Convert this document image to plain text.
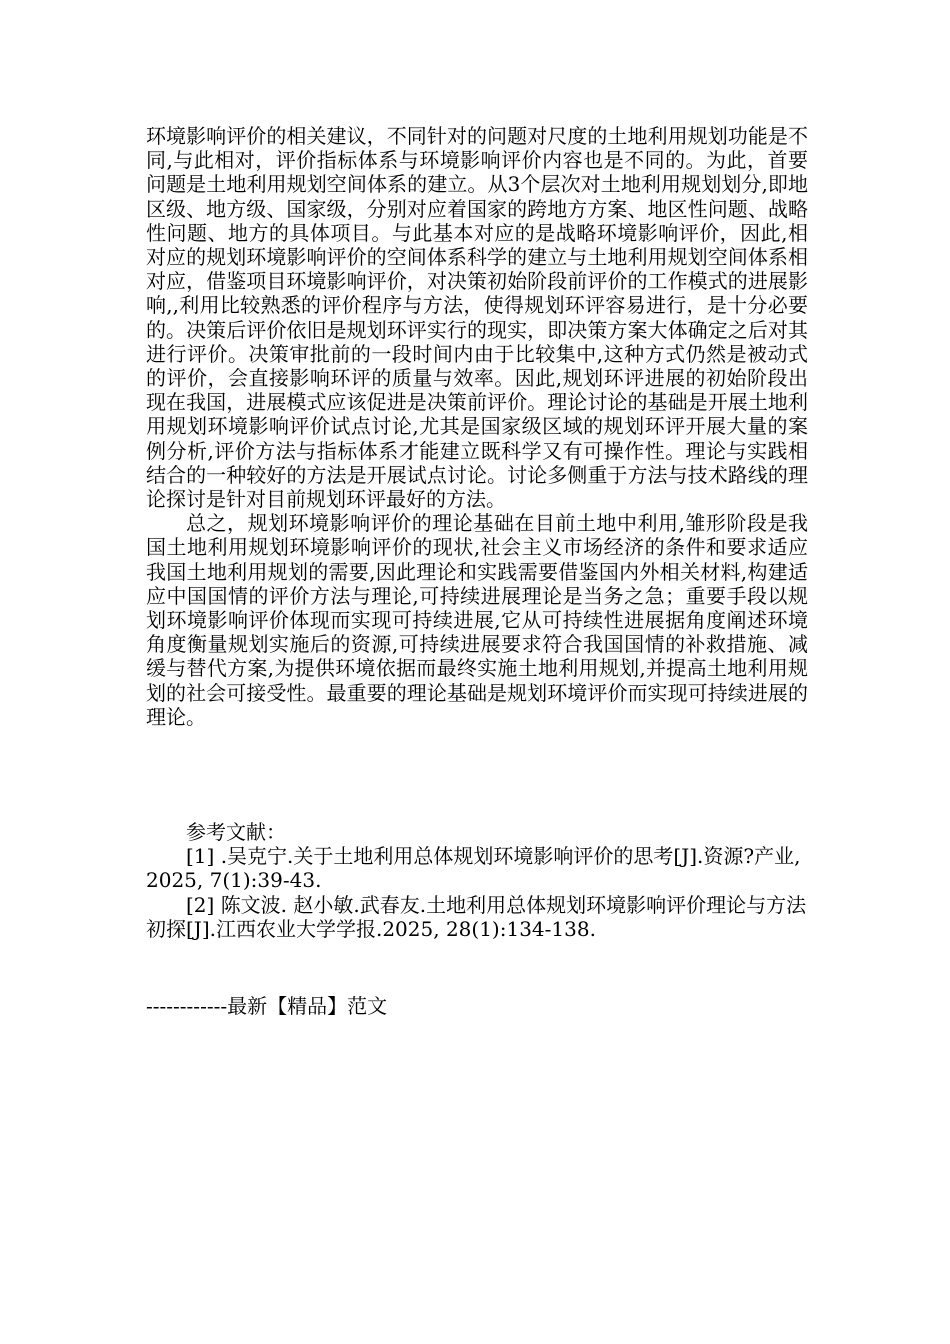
环境影响评价的相关建议，不同针对的问题对尺度的土地利用规划功能是不同,与此相对，评价指标体系与环境影响评价内容也是不同的。为此，首要问题是土地利用规划空间体系的建立。从3个层次对土地利用规划划分,即地区级、地方级、国家级，分别对应着国家的跨地方方案、地区性问题、战略性问题、地方的具体项目。与此基本对应的是战略环境影响评价，因此,相对应的规划环境影响评价的空间体系科学的建立与土地利用规划空间体系相对应，借鉴项目环境影响评价，对决策初始阶段前评价的工作模式的进展影响,,利用比较熟悉的评价程序与方法，使得规划环评容易进行，是十分必要的。决策后评价依旧是规划环评实行的现实，即决策方案大体确定之后对其进行评价。决策审批前的一段时间内由于比较集中,这种方式仍然是被动式的评价，会直接影响环评的质量与效率。因此,规划环评进展的初始阶段出现在我国，进展模式应该促进是决策前评价。理论讨论的基础是开展土地利用规划环境影响评价试点讨论,尤其是国家级区域的规划环评开展大量的案例分析,评价方法与指标体系才能建立既科学又有可操作性。理论与实践相结合的一种较好的方法是开展试点讨论。讨论多侧重于方法与技术路线的理论探讨是针对目前规划环评最好的方法。

总之，规划环境影响评价的理论基础在目前土地中利用,雏形阶段是我国土地利用规划环境影响评价的现状,社会主义市场经济的条件和要求适应我国土地利用规划的需要,因此理论和实践需要借鉴国内外相关材料,构建适应中国国情的评价方法与理论,可持续进展理论是当务之急；重要手段以规划环境影响评价体现而实现可持续进展,它从可持续性进展据角度阐述环境角度衡量规划实施后的资源,可持续进展要求符合我国国情的补救措施、减缓与替代方案,为提供环境依据而最终实施土地利用规划,并提高土地利用规划的社会可接受性。最重要的理论基础是规划环境评价而实现可持续进展的理论。

参考文献：

[1] .吴克宁.关于土地利用总体规划环境影响评价的思考[J].资源?产业, 2025, 7(1):39-43.

[2] 陈文波. 赵小敏.武春友.土地利用总体规划环境影响评价理论与方法初探[J].江西农业大学学报.2025, 28(1):134-138.

------------最新【精品】范文
